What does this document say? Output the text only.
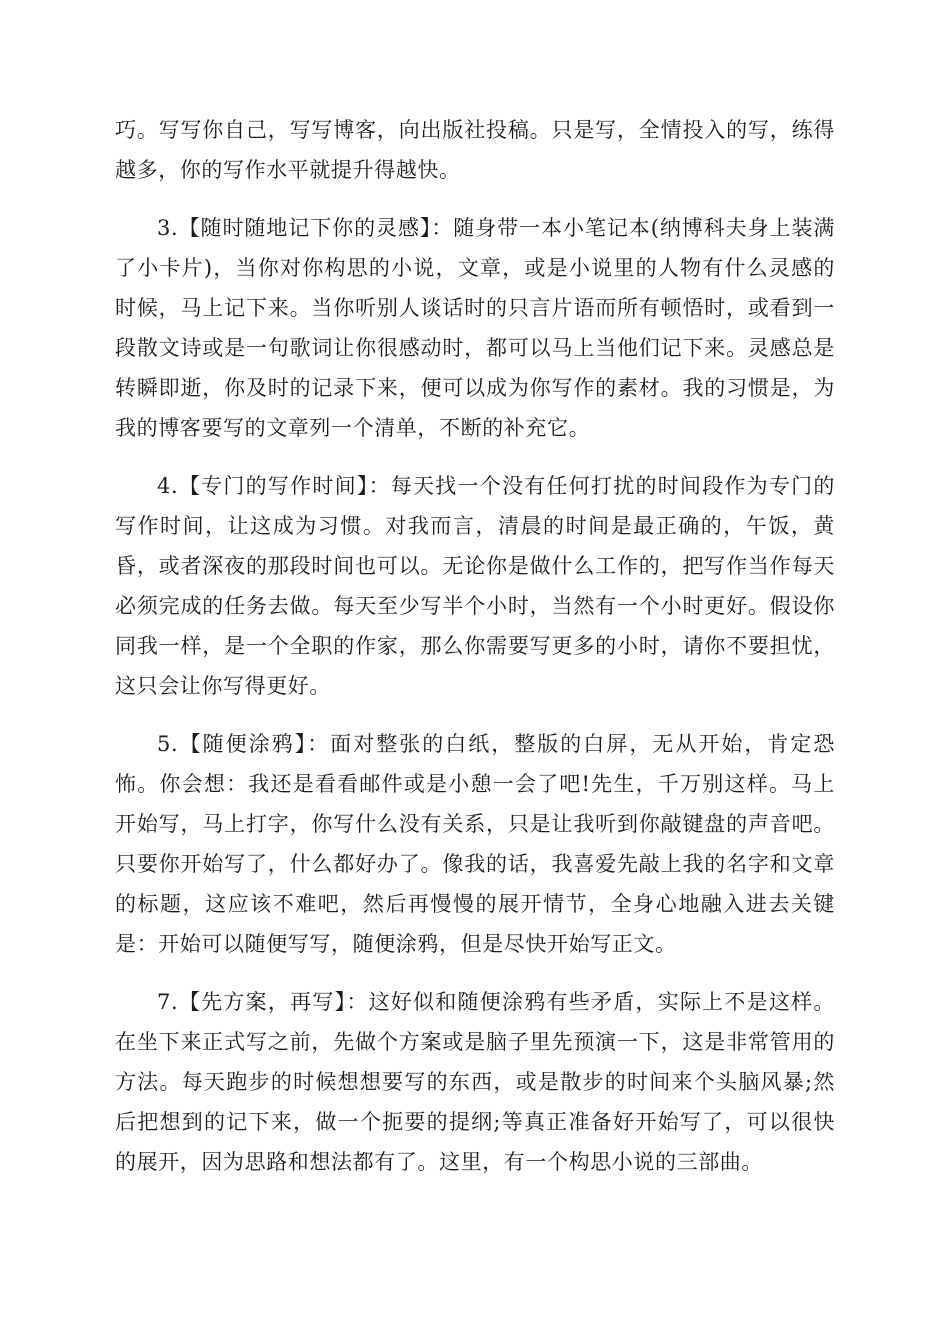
巧。写写你自己，写写博客，向出版社投稿。只是写，全情投入的写，练得越多，你的写作水平就提升得越快。

3.【随时随地记下你的灵感】：随身带一本小笔记本(纳博科夫身上装满了小卡片)，当你对你构思的小说，文章，或是小说里的人物有什么灵感的时候，马上记下来。当你听别人谈话时的只言片语而所有顿悟时，或看到一段散文诗或是一句歌词让你很感动时，都可以马上当他们记下来。灵感总是转瞬即逝，你及时的记录下来，便可以成为你写作的素材。我的习惯是，为我的博客要写的文章列一个清单，不断的补充它。

4.【专门的写作时间】：每天找一个没有任何打扰的时间段作为专门的写作时间，让这成为习惯。对我而言，清晨的时间是最正确的，午饭，黄昏，或者深夜的那段时间也可以。无论你是做什么工作的，把写作当作每天必须完成的任务去做。每天至少写半个小时，当然有一个小时更好。假设你同我一样，是一个全职的作家，那么你需要写更多的小时，请你不要担忧，这只会让你写得更好。

5.【随便涂鸦】：面对整张的白纸，整版的白屏，无从开始，肯定恐怖。你会想：我还是看看邮件或是小憩一会了吧!先生，千万别这样。马上开始写，马上打字，你写什么没有关系，只是让我听到你敲键盘的声音吧。只要你开始写了，什么都好办了。像我的话，我喜爱先敲上我的名字和文章的标题，这应该不难吧，然后再慢慢的展开情节，全身心地融入进去关键是：开始可以随便写写，随便涂鸦，但是尽快开始写正文。

7.【先方案，再写】：这好似和随便涂鸦有些矛盾，实际上不是这样。在坐下来正式写之前，先做个方案或是脑子里先预演一下，这是非常管用的方法。每天跑步的时候想想要写的东西，或是散步的时间来个头脑风暴;然后把想到的记下来，做一个扼要的提纲;等真正准备好开始写了，可以很快的展开，因为思路和想法都有了。这里，有一个构思小说的三部曲。
